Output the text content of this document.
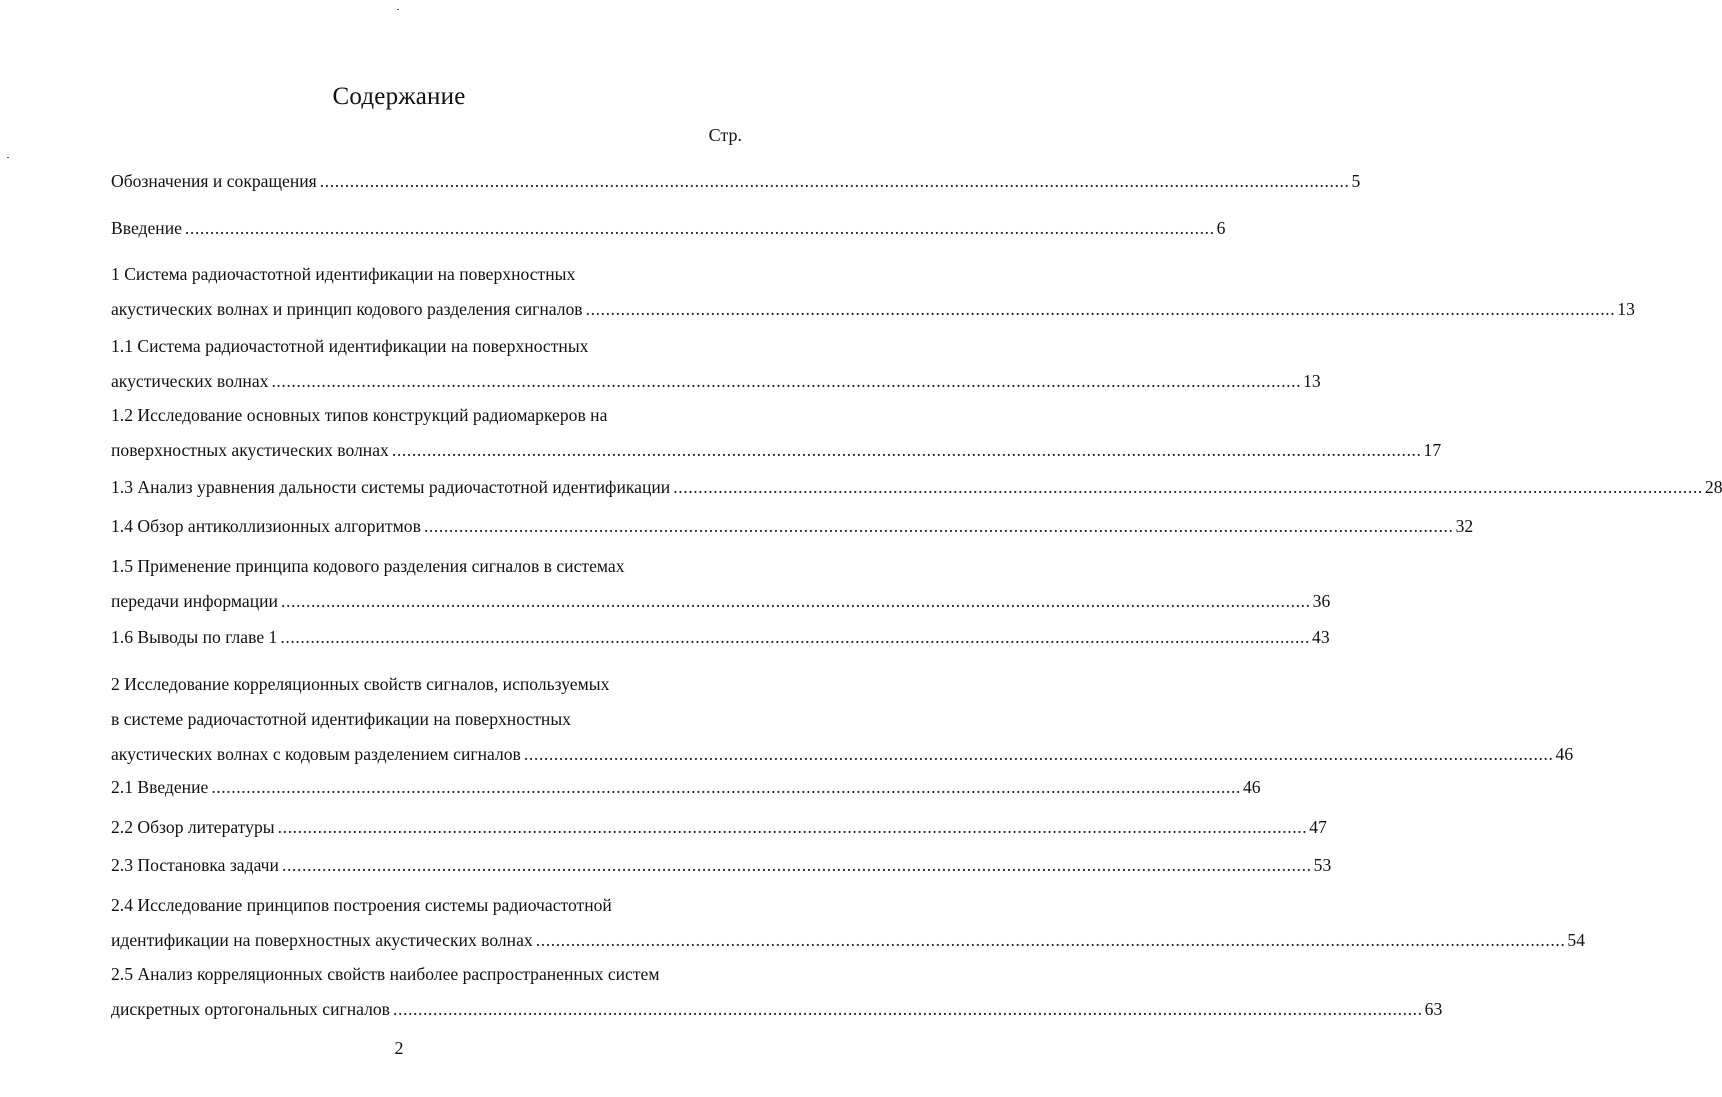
Содержание
Стр.
Обозначения и сокращения .............................................................................................................................................................................................................. 5
Введение .............................................................................................................................................................................................................. 6
1 Система радиочастотной идентификации на поверхностных
акустических волнах и принцип кодового разделения сигналов .............................................................................................................................................................................................................. 13
1.1 Система радиочастотной идентификации на поверхностных
акустических волнах .............................................................................................................................................................................................................. 13
1.2 Исследование основных типов конструкций радиомаркеров на
поверхностных акустических волнах .............................................................................................................................................................................................................. 17
1.3 Анализ уравнения дальности системы радиочастотной идентификации .............................................................................................................................................................................................................. 28
1.4 Обзор антиколлизионных алгоритмов .............................................................................................................................................................................................................. 32
1.5 Применение принципа кодового разделения сигналов в системах
передачи информации .............................................................................................................................................................................................................. 36
1.6 Выводы по главе 1 .............................................................................................................................................................................................................. 43
2 Исследование корреляционных свойств сигналов, используемых
в системе радиочастотной идентификации на поверхностных
акустических волнах с кодовым разделением сигналов .............................................................................................................................................................................................................. 46
2.1 Введение .............................................................................................................................................................................................................. 46
2.2 Обзор литературы .............................................................................................................................................................................................................. 47
2.3 Постановка задачи .............................................................................................................................................................................................................. 53
2.4 Исследование принципов построения системы радиочастотной
идентификации на поверхностных акустических волнах .............................................................................................................................................................................................................. 54
2.5 Анализ корреляционных свойств наиболее распространенных систем
дискретных ортогональных сигналов .............................................................................................................................................................................................................. 63
2
